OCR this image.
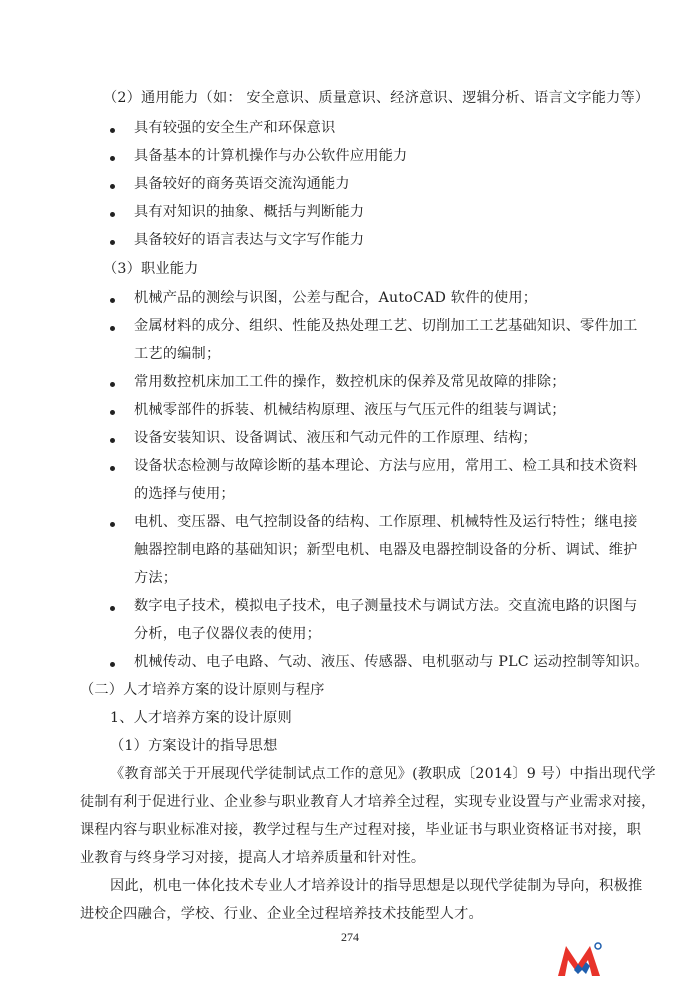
（2）通用能力（如： 安全意识、质量意识、经济意识、逻辑分析、语言文字能力等）
具有较强的安全生产和环保意识
具备基本的计算机操作与办公软件应用能力
具备较好的商务英语交流沟通能力
具有对知识的抽象、概括与判断能力
具备较好的语言表达与文字写作能力
（3）职业能力
机械产品的测绘与识图，公差与配合，AutoCAD 软件的使用；
金属材料的成分、组织、性能及热处理工艺、切削加工工艺基础知识、零件加工
工艺的编制；
常用数控机床加工工件的操作，数控机床的保养及常见故障的排除；
机械零部件的拆装、机械结构原理、液压与气压元件的组装与调试；
设备安装知识、设备调试、液压和气动元件的工作原理、结构；
设备状态检测与故障诊断的基本理论、方法与应用，常用工、检工具和技术资料
的选择与使用；
电机、变压器、电气控制设备的结构、工作原理、机械特性及运行特性；继电接
触器控制电路的基础知识；新型电机、电器及电器控制设备的分析、调试、维护
方法；
数字电子技术，模拟电子技术，电子测量技术与调试方法。交直流电路的识图与
分析，电子仪器仪表的使用；
机械传动、电子电路、气动、液压、传感器、电机驱动与 PLC 运动控制等知识。
（二）人才培养方案的设计原则与程序
1、人才培养方案的设计原则
（1）方案设计的指导思想
《教育部关于开展现代学徒制试点工作的意见》(教职成〔2014〕9 号）中指出现代学
徒制有利于促进行业、企业参与职业教育人才培养全过程，实现专业设置与产业需求对接，
课程内容与职业标准对接，教学过程与生产过程对接，毕业证书与职业资格证书对接，职
业教育与终身学习对接，提高人才培养质量和针对性。
因此，机电一体化技术专业人才培养设计的指导思想是以现代学徒制为导向，积极推
进校企四融合，学校、行业、企业全过程培养技术技能型人才。
274
